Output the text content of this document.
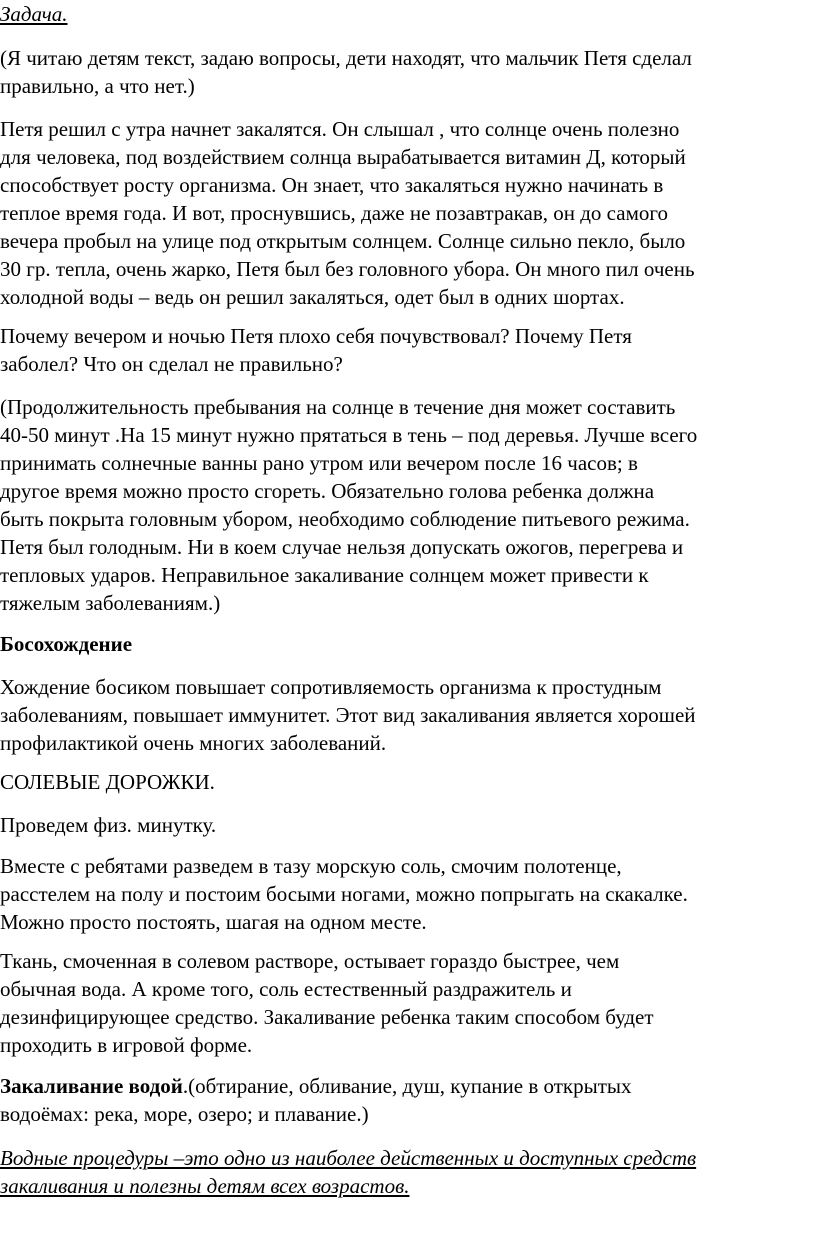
Задача.

(Я читаю детям текст, задаю вопросы, дети находят, что мальчик Петя сделал
правильно, а что нет.)

Петя решил с утра начнет закалятся. Он слышал , что солнце очень полезно
для человека, под воздействием солнца вырабатывается витамин Д, который
способствует росту организма. Он знает, что закаляться нужно начинать в
теплое время года. И вот, проснувшись, даже не позавтракав, он до самого
вечера пробыл на улице под открытым солнцем. Солнце сильно пекло, было
30 гр. тепла, очень жарко, Петя был без головного убора. Он много пил очень
холодной воды – ведь он решил закаляться, одет был в одних шортах.

Почему вечером и ночью Петя плохо себя почувствовал? Почему Петя
заболел? Что он сделал не правильно?

(Продолжительность пребывания на солнце в течение дня может составить
40-50 минут .На 15 минут нужно прятаться в тень – под деревья. Лучше всего
принимать солнечные ванны рано утром или вечером после 16 часов; в
другое время можно просто сгореть. Обязательно голова ребенка должна
быть покрыта головным убором, необходимо соблюдение питьевого режима.
Петя был голодным. Ни в коем случае нельзя допускать ожогов, перегрева и
тепловых ударов. Неправильное закаливание солнцем может привести к
тяжелым заболеваниям.)

Босохождение

Хождение босиком повышает сопротивляемость организма к простудным
заболеваниям, повышает иммунитет. Этот вид закаливания является хорошей
профилактикой очень многих заболеваний.

СОЛЕВЫЕ ДОРОЖКИ.

Проведем физ. минутку.

Вместе с ребятами разведем в тазу морскую соль, смочим полотенце,
расстелем на полу и постоим босыми ногами, можно попрыгать на скакалке.
Можно просто постоять, шагая на одном месте.

Ткань, смоченная в солевом растворе, остывает гораздо быстрее, чем
обычная вода. А кроме того, соль естественный раздражитель и
дезинфицирующее средство. Закаливание ребенка таким способом будет
проходить в игровой форме.

Закаливание водой.(обтирание, обливание, душ, купание в открытых
водоёмах: река, море, озеро; и плавание.)

Водные процедуры –это одно из наиболее действенных и доступных средств
закаливания и полезны детям всех возрастов.
